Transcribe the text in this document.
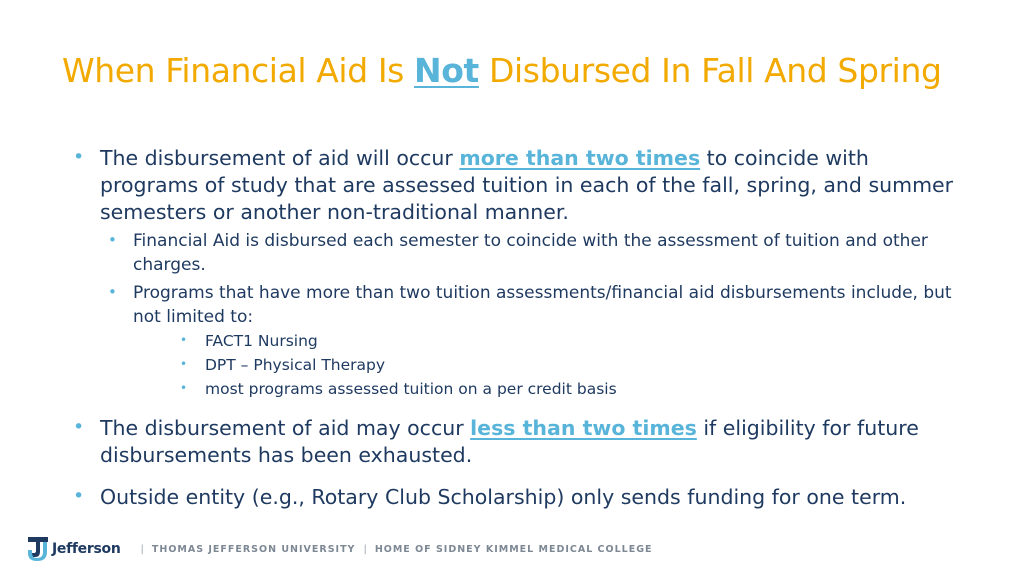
When Financial Aid Is Not Disbursed In Fall And Spring
• The disbursement of aid will occur more than two times to coincide with programs of study that are assessed tuition in each of the fall, spring, and summer semesters or another non-traditional manner.
• Financial Aid is disbursed each semester to coincide with the assessment of tuition and other charges.
• Programs that have more than two tuition assessments/financial aid disbursements include, but not limited to:
• FACT1 Nursing
• DPT – Physical Therapy
• most programs assessed tuition on a per credit basis
• The disbursement of aid may occur less than two times if eligibility for future disbursements has been exhausted.
• Outside entity (e.g., Rotary Club Scholarship) only sends funding for one term.
Jefferson | THOMAS JEFFERSON UNIVERSITY | HOME OF SIDNEY KIMMEL MEDICAL COLLEGE
